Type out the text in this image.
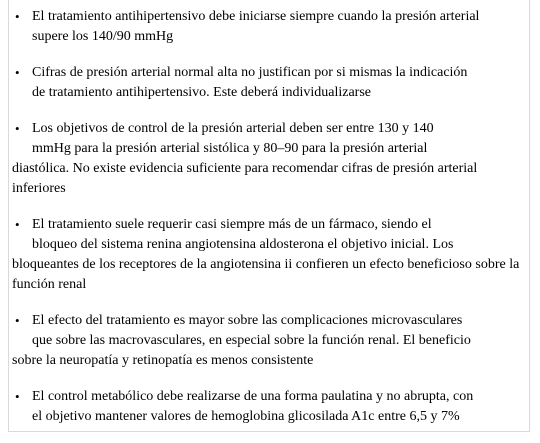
• El tratamiento antihipertensivo debe iniciarse siempre cuando la presión arterial
supere los 140/90 mmHg
• Cifras de presión arterial normal alta no justifican por si mismas la indicación
de tratamiento antihipertensivo. Este deberá individualizarse
• Los objetivos de control de la presión arterial deben ser entre 130 y 140
mmHg para la presión arterial sistólica y 80–90 para la presión arterial
diastólica. No existe evidencia suficiente para recomendar cifras de presión arterial inferiores
• El tratamiento suele requerir casi siempre más de un fármaco, siendo el
bloqueo del sistema renina angiotensina aldosterona el objetivo inicial. Los
bloqueantes de los receptores de la angiotensina ii confieren un efecto beneficioso sobre la función renal
• El efecto del tratamiento es mayor sobre las complicaciones microvasculares
que sobre las macrovasculares, en especial sobre la función renal. El beneficio
sobre la neuropatía y retinopatía es menos consistente
• El control metabólico debe realizarse de una forma paulatina y no abrupta, con
el objetivo mantener valores de hemoglobina glicosilada A1c entre 6,5 y 7%
